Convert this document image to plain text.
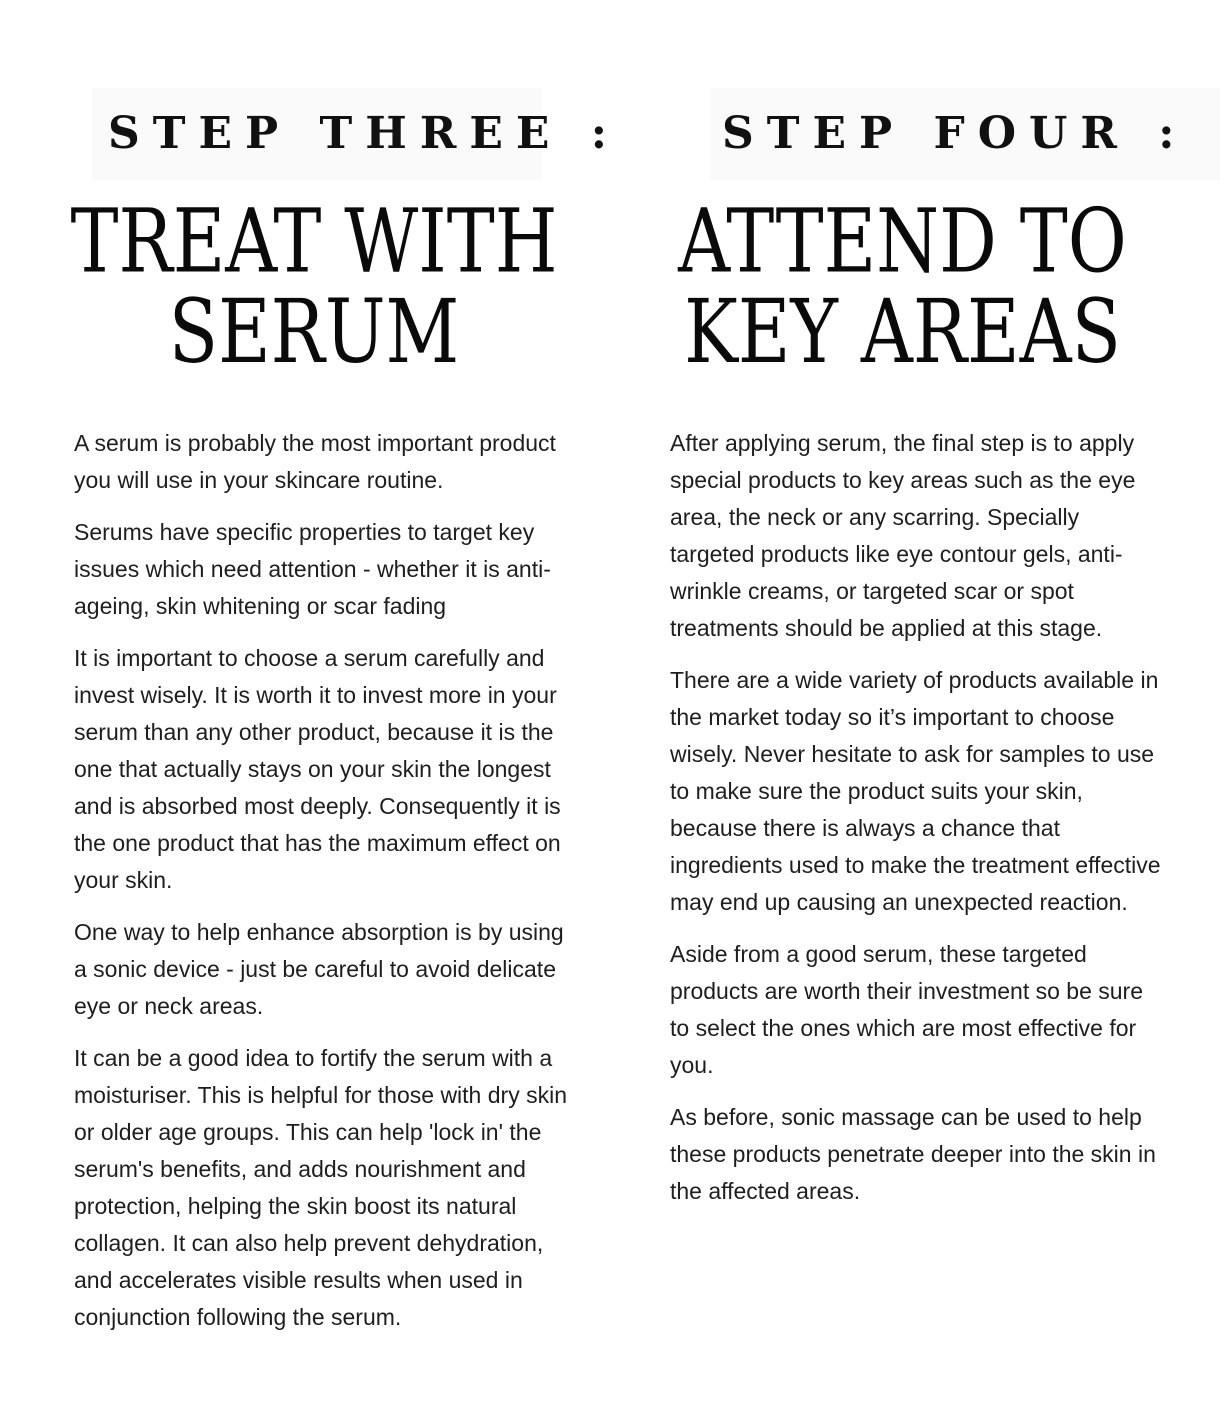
STEP THREE :
TREAT WITH
SERUM

A serum is probably the most important product you will use in your skincare routine.

Serums have specific properties to target key issues which need attention - whether it is anti-ageing, skin whitening or scar fading

It is important to choose a serum carefully and invest wisely. It is worth it to invest more in your serum than any other product, because it is the one that actually stays on your skin the longest and is absorbed most deeply. Consequently it is the one product that has the maximum effect on your skin.

One way to help enhance absorption is by using a sonic device - just be careful to avoid delicate eye or neck areas.

It can be a good idea to fortify the serum with a moisturiser. This is helpful for those with dry skin or older age groups. This can help 'lock in' the serum's benefits, and adds nourishment and protection, helping the skin boost its natural collagen. It can also help prevent dehydration, and accelerates visible results when used in conjunction following the serum.

STEP FOUR :
ATTEND TO
KEY AREAS

After applying serum, the final step is to apply special products to key areas such as the eye area, the neck or any scarring. Specially targeted products like eye contour gels, anti-wrinkle creams, or targeted scar or spot treatments should be applied at this stage.

There are a wide variety of products available in the market today so it’s important to choose wisely. Never hesitate to ask for samples to use to make sure the product suits your skin, because there is always a chance that ingredients used to make the treatment effective may end up causing an unexpected reaction.

Aside from a good serum, these targeted products are worth their investment so be sure to select the ones which are most effective for you.

As before, sonic massage can be used to help these products penetrate deeper into the skin in the affected areas.
